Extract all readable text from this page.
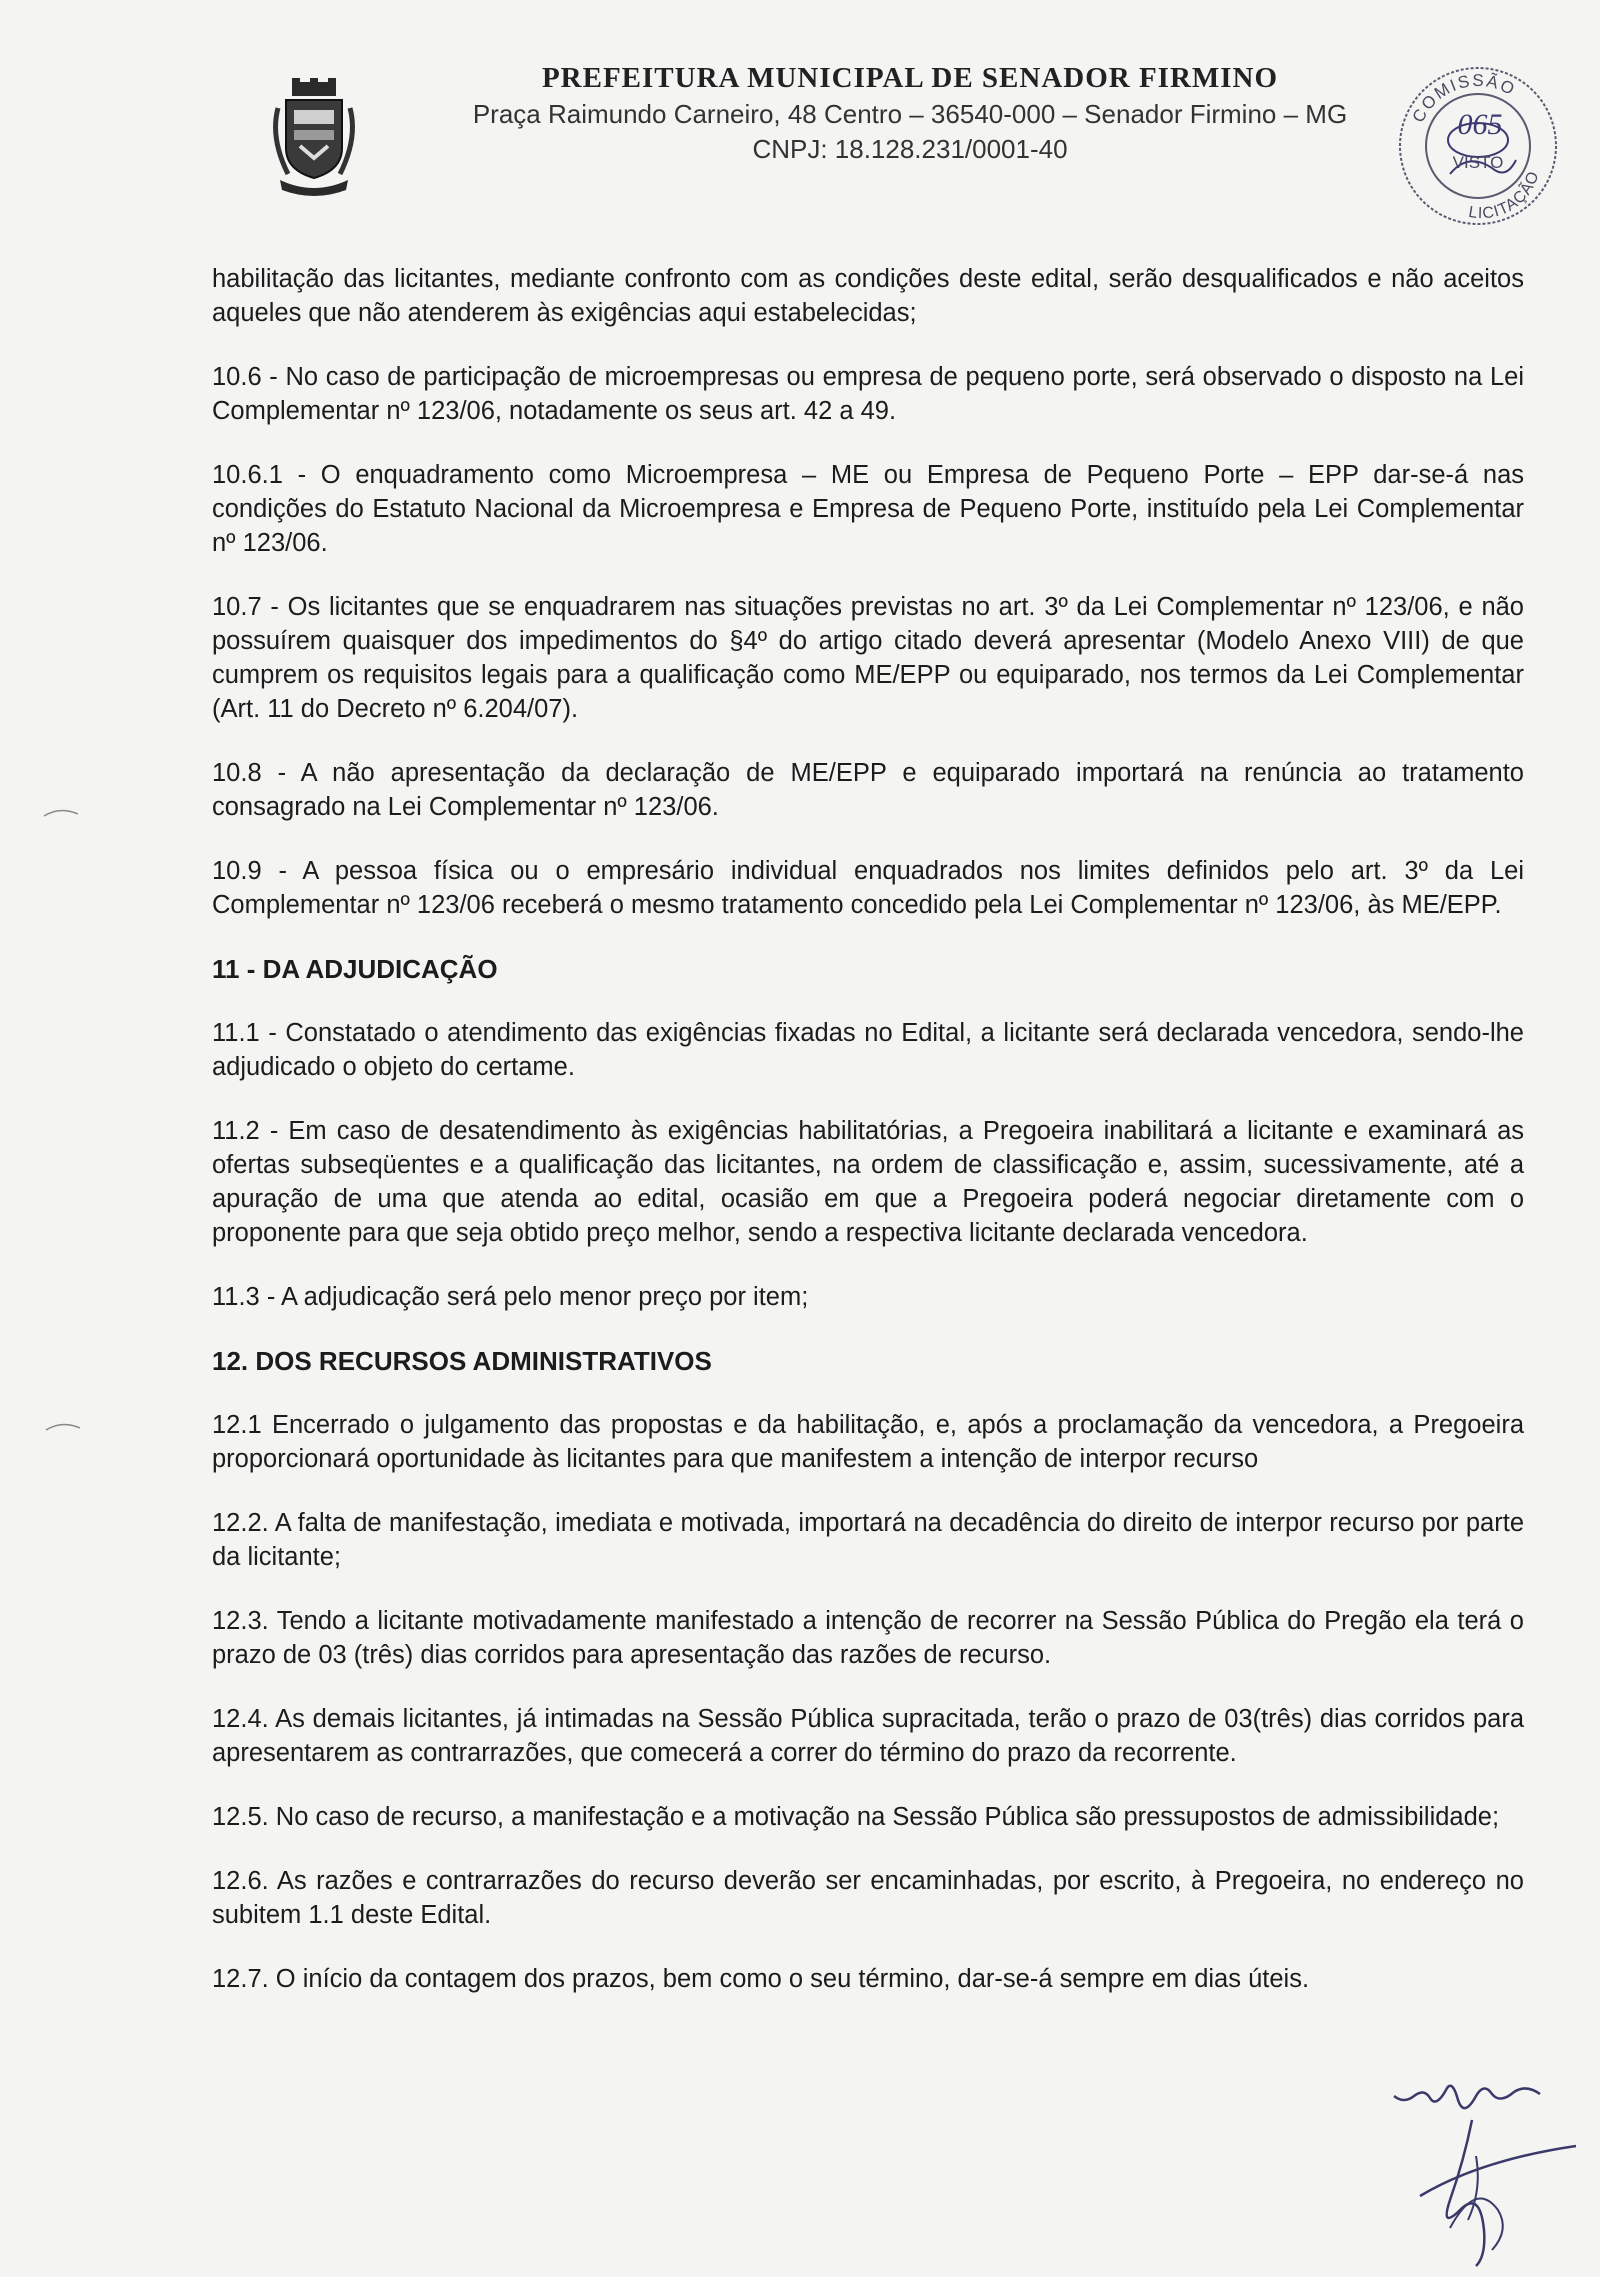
PREFEITURA MUNICIPAL DE SENADOR FIRMINO
Praça Raimundo Carneiro, 48 Centro – 36540-000 – Senador Firmino – MG
CNPJ: 18.128.231/0001-40
COMISSÃO
065
VISTO
LICITAÇÃO

habilitação das licitantes, mediante confronto com as condições deste edital, serão desqualificados e não aceitos aqueles que não atenderem às exigências aqui estabelecidas;

10.6 - No caso de participação de microempresas ou empresa de pequeno porte, será observado o disposto na Lei Complementar nº 123/06, notadamente os seus art. 42 a 49.

10.6.1 - O enquadramento como Microempresa – ME ou Empresa de Pequeno Porte – EPP dar-se-á nas condições do Estatuto Nacional da Microempresa e Empresa de Pequeno Porte, instituído pela Lei Complementar nº 123/06.

10.7 - Os licitantes que se enquadrarem nas situações previstas no art. 3º da Lei Complementar nº 123/06, e não possuírem quaisquer dos impedimentos do §4º do artigo citado deverá apresentar (Modelo Anexo VIII) de que cumprem os requisitos legais para a qualificação como ME/EPP ou equiparado, nos termos da Lei Complementar (Art. 11 do Decreto nº 6.204/07).

10.8 - A não apresentação da declaração de ME/EPP e equiparado importará na renúncia ao tratamento consagrado na Lei Complementar nº 123/06.

10.9 - A pessoa física ou o empresário individual enquadrados nos limites definidos pelo art. 3º da Lei Complementar nº 123/06 receberá o mesmo tratamento concedido pela Lei Complementar nº 123/06, às ME/EPP.

11 - DA ADJUDICAÇÃO

11.1 - Constatado o atendimento das exigências fixadas no Edital, a licitante será declarada vencedora, sendo-lhe adjudicado o objeto do certame.

11.2 - Em caso de desatendimento às exigências habilitatórias, a Pregoeira inabilitará a licitante e examinará as ofertas subseqüentes e a qualificação das licitantes, na ordem de classificação e, assim, sucessivamente, até a apuração de uma que atenda ao edital, ocasião em que a Pregoeira poderá negociar diretamente com o proponente para que seja obtido preço melhor, sendo a respectiva licitante declarada vencedora.

11.3 - A adjudicação será pelo menor preço por item;

12. DOS RECURSOS ADMINISTRATIVOS

12.1 Encerrado o julgamento das propostas e da habilitação, e, após a proclamação da vencedora, a Pregoeira proporcionará oportunidade às licitantes para que manifestem a intenção de interpor recurso

12.2. A falta de manifestação, imediata e motivada, importará na decadência do direito de interpor recurso por parte da licitante;

12.3. Tendo a licitante motivadamente manifestado a intenção de recorrer na Sessão Pública do Pregão ela terá o prazo de 03 (três) dias corridos para apresentação das razões de recurso.

12.4. As demais licitantes, já intimadas na Sessão Pública supracitada, terão o prazo de 03(três) dias corridos para apresentarem as contrarrazões, que comecerá a correr do término do prazo da recorrente.

12.5. No caso de recurso, a manifestação e a motivação na Sessão Pública são pressupostos de admissibilidade;

12.6. As razões e contrarrazões do recurso deverão ser encaminhadas, por escrito, à Pregoeira, no endereço no subitem 1.1 deste Edital.

12.7. O início da contagem dos prazos, bem como o seu término, dar-se-á sempre em dias úteis.
